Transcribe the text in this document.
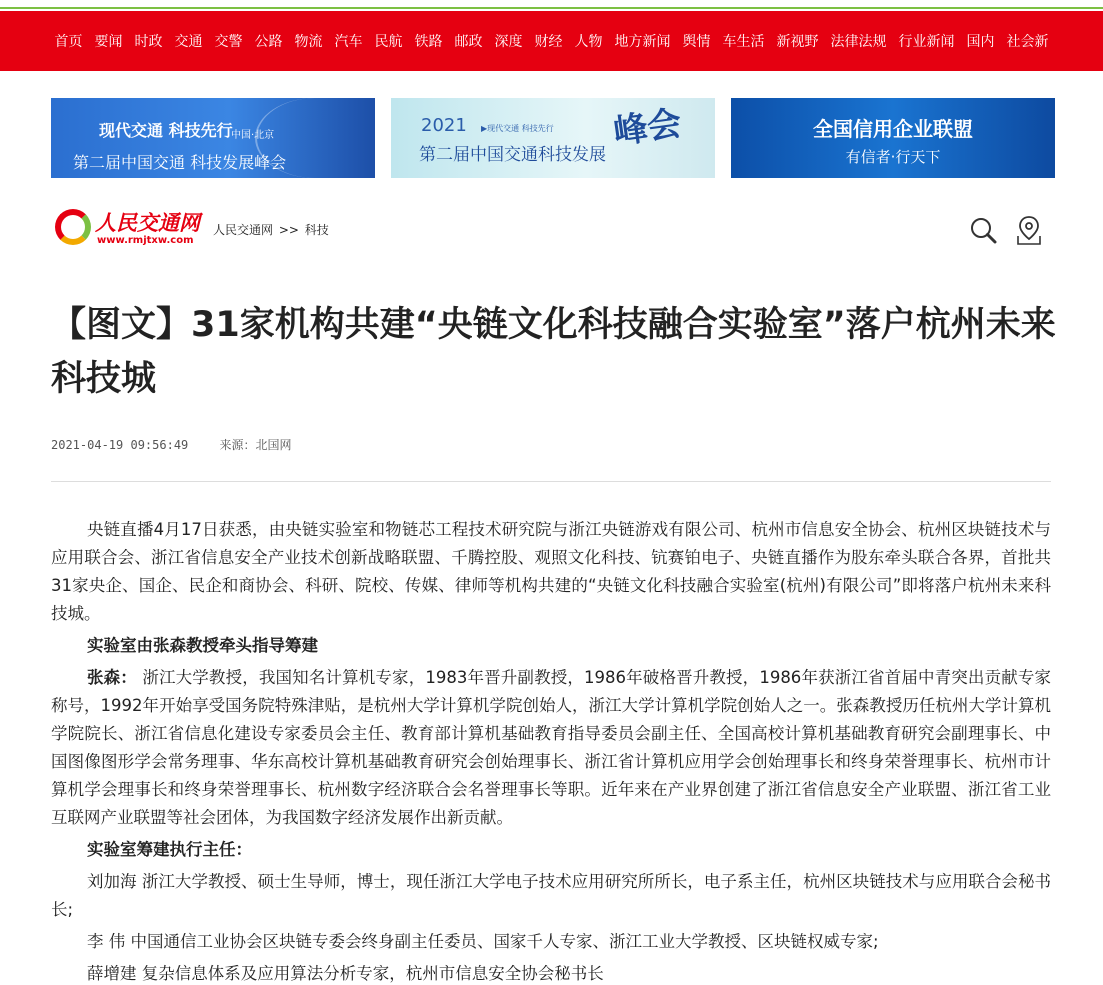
首页 要闻 时政 交通 交警 公路 物流 汽车 民航 铁路 邮政 深度 财经 人物 地方新闻 舆情 车生活 新视野 法律法规 行业新闻 国内 社会新
现代交通 科技先行
中国·北京
第二届中国交通 科技发展峰会
2021 ▶现代交通 科技先行
第二届中国交通科技发展
峰会	全国信用企业联盟
有信者·行天下
人民交通网
www.rmjtxw.com
人民交通网 >> 科技
【图文】31家机构共建“央链文化科技融合实验室”落户杭州未来科技城
2021-04-19 09:56:49	来源：北国网

央链直播4月17日获悉，由央链实验室和物链芯工程技术研究院与浙江央链游戏有限公司、杭州市信息安全协会、杭州区块链技术与应用联合会、浙江省信息安全产业技术创新战略联盟、千腾控股、观照文化科技、钪赛铂电子、央链直播作为股东牵头联合各界，首批共31家央企、国企、民企和商协会、科研、院校、传媒、律师等机构共建的“央链文化科技融合实验室(杭州)有限公司”即将落户杭州未来科技城。

实验室由张森教授牵头指导筹建

张森： 浙江大学教授，我国知名计算机专家，1983年晋升副教授，1986年破格晋升教授，1986年获浙江省首届中青突出贡献专家称号，1992年开始享受国务院特殊津贴，是杭州大学计算机学院创始人，浙江大学计算机学院创始人之一。张森教授历任杭州大学计算机学院院长、浙江省信息化建设专家委员会主任、教育部计算机基础教育指导委员会副主任、全国高校计算机基础教育研究会副理事长、中国图像图形学会常务理事、华东高校计算机基础教育研究会创始理事长、浙江省计算机应用学会创始理事长和终身荣誉理事长、杭州市计算机学会理事长和终身荣誉理事长、杭州数字经济联合会名誉理事长等职。近年来在产业界创建了浙江省信息安全产业联盟、浙江省工业互联网产业联盟等社会团体，为我国数字经济发展作出新贡献。

实验室筹建执行主任：

刘加海 浙江大学教授、硕士生导师，博士，现任浙江大学电子技术应用研究所所长，电子系主任，杭州区块链技术与应用联合会秘书长;

李 伟 中国通信工业协会区块链专委会终身副主任委员、国家千人专家、浙江工业大学教授、区块链权威专家;

薛增建 复杂信息体系及应用算法分析专家，杭州市信息安全协会秘书长
